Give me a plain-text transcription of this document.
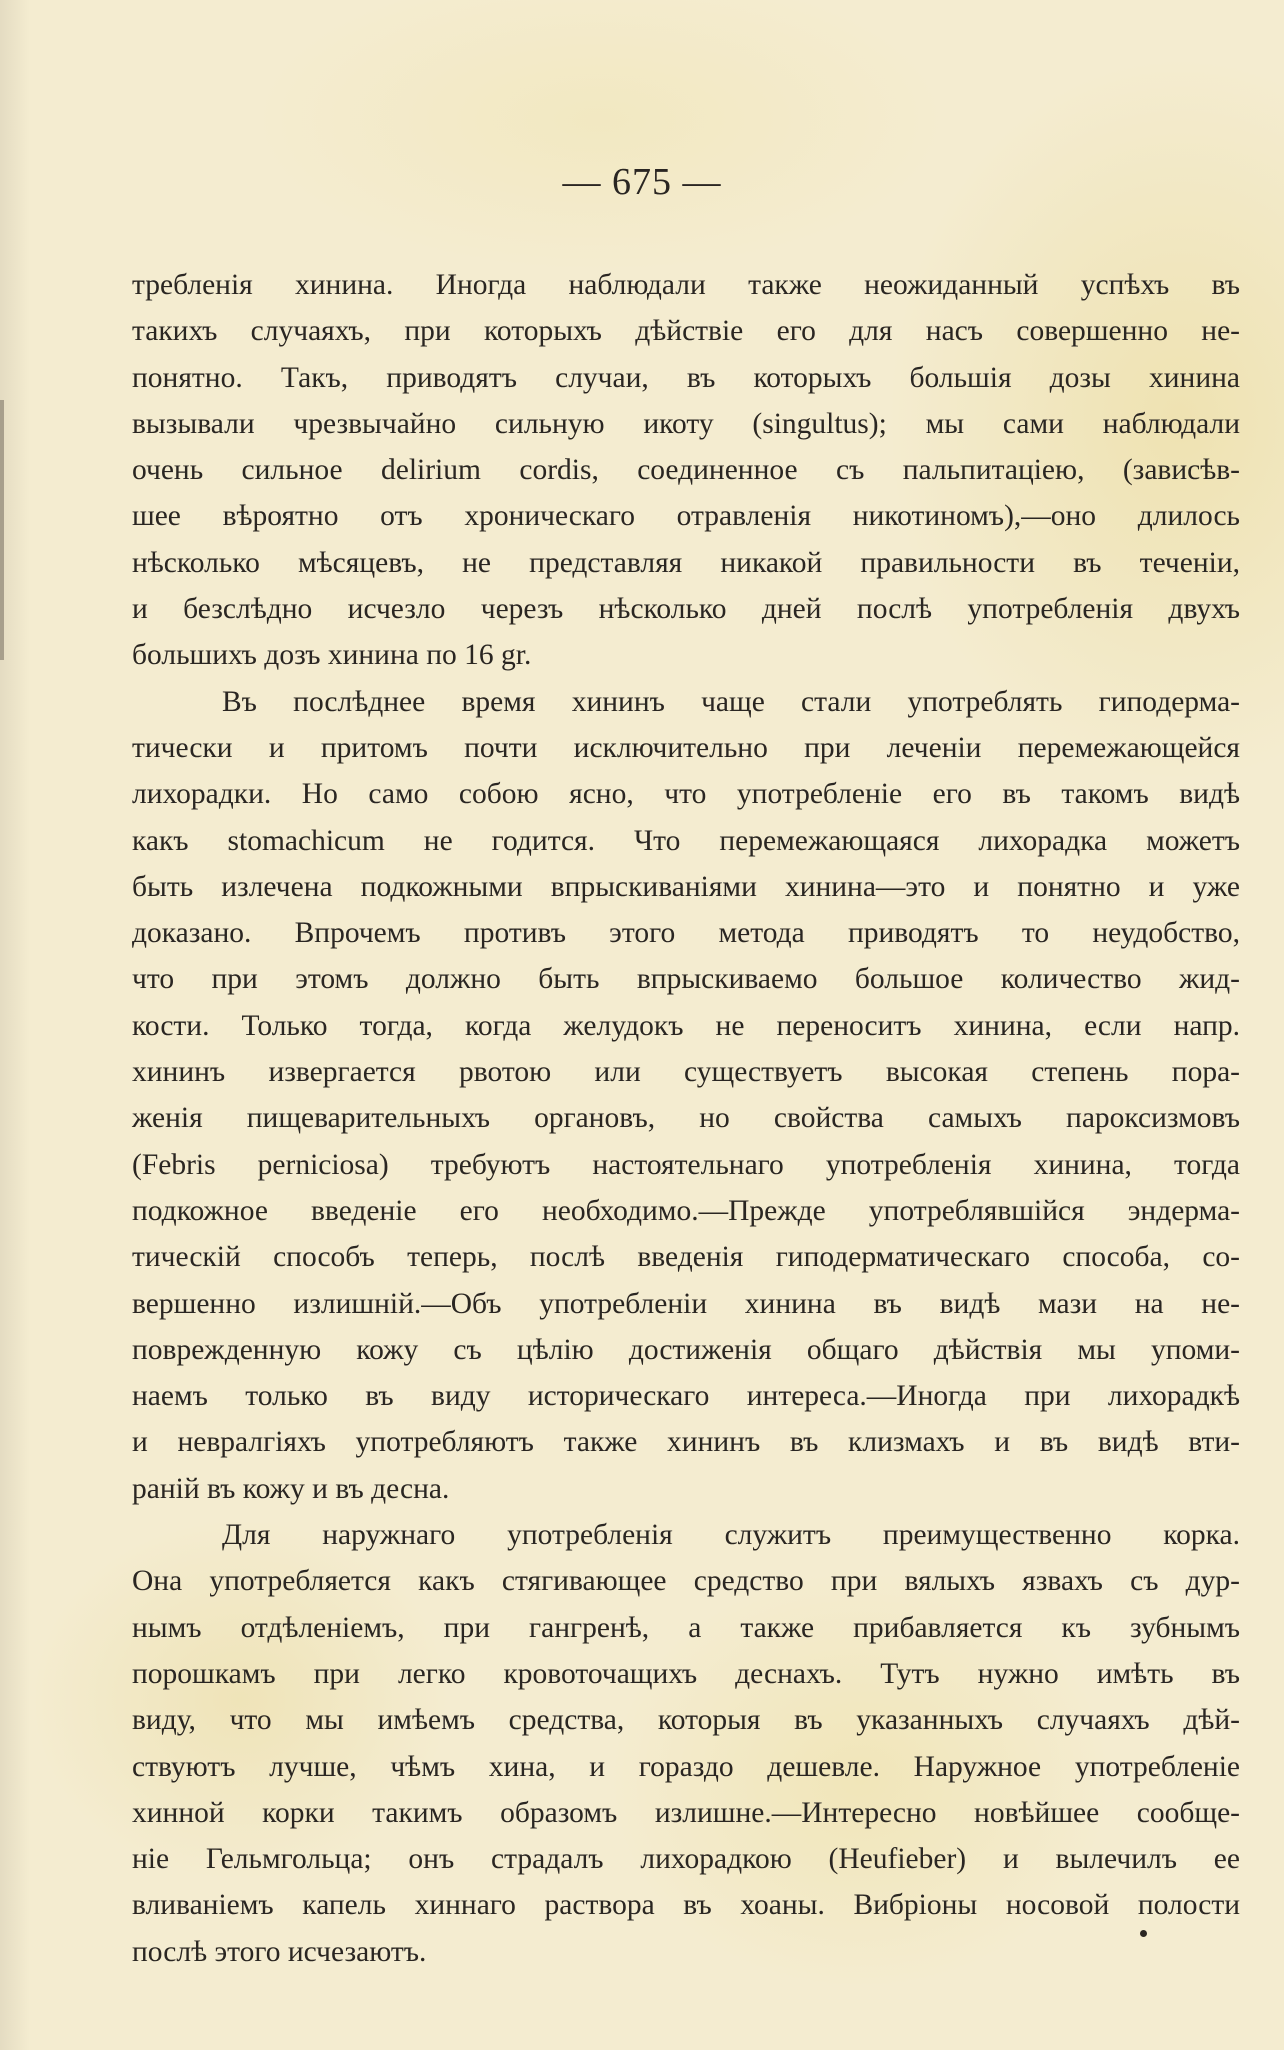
— 675 —
требленія хинина. Иногда наблюдали также неожиданный успѣхъ въ
такихъ случаяхъ, при которыхъ дѣйствіе его для насъ совершенно не-
понятно. Такъ, приводятъ случаи, въ которыхъ большія дозы хинина
вызывали чрезвычайно сильную икоту (singultus); мы сами наблюдали
очень сильное delirium cordis, соединенное съ пальпитаціею, (зависѣв-
шее вѣроятно отъ хроническаго отравленія никотиномъ),—оно длилось
нѣсколько мѣсяцевъ, не представляя никакой правильности въ теченіи,
и безслѣдно исчезло черезъ нѣсколько дней послѣ употребленія двухъ
большихъ дозъ хинина по 16 gr.
Въ послѣднее время хининъ чаще стали употреблять гиподерма-
тически и притомъ почти исключительно при леченіи перемежающейся
лихорадки. Но само собою ясно, что употребленіе его въ такомъ видѣ
какъ stomachicum не годится. Что перемежающаяся лихорадка можетъ
быть излечена подкожными впрыскиваніями хинина—это и понятно и уже
доказано. Впрочемъ противъ этого метода приводятъ то неудобство,
что при этомъ должно быть впрыскиваемо большое количество жид-
кости. Только тогда, когда желудокъ не переноситъ хинина, если напр.
хининъ извергается рвотою или существуетъ высокая степень пора-
женія пищеварительныхъ органовъ, но свойства самыхъ пароксизмовъ
(Febris perniciosa) требуютъ настоятельнаго употребленія хинина, тогда
подкожное введеніе его необходимо.—Прежде употреблявшійся эндерма-
тическій способъ теперь, послѣ введенія гиподерматическаго способа, со-
вершенно излишній.—Объ употребленіи хинина въ видѣ мази на не-
поврежденную кожу съ цѣлію достиженія общаго дѣйствія мы упоми-
наемъ только въ виду историческаго интереса.—Иногда при лихорадкѣ
и невралгіяхъ употребляютъ также хининъ въ клизмахъ и въ видѣ вти-
раній въ кожу и въ десна.
Для наружнаго употребленія служитъ преимущественно корка.
Она употребляется какъ стягивающее средство при вялыхъ язвахъ съ дур-
нымъ отдѣленіемъ, при гангренѣ, а также прибавляется къ зубнымъ
порошкамъ при легко кровоточащихъ деснахъ. Тутъ нужно имѣть въ
виду, что мы имѣемъ средства, которыя въ указанныхъ случаяхъ дѣй-
ствуютъ лучше, чѣмъ хина, и гораздо дешевле. Наружное употребленіе
хинной корки такимъ образомъ излишне.—Интересно новѣйшее сообще-
ніе Гельмгольца; онъ страдалъ лихорадкою (Heufieber) и вылечилъ ее
вливаніемъ капель хиннаго раствора въ хоаны. Вибріоны носовой полости
послѣ этого исчезаютъ.
